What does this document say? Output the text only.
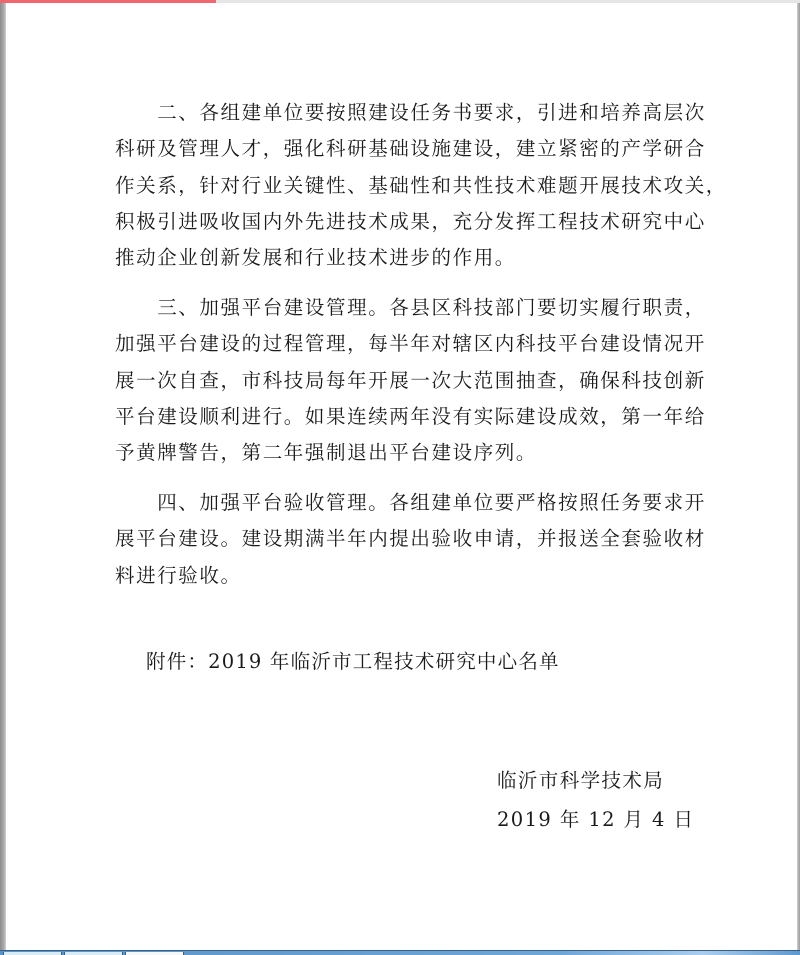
　　二、各组建单位要按照建设任务书要求，引进和培养高层次
科研及管理人才，强化科研基础设施建设，建立紧密的产学研合
作关系，针对行业关键性、基础性和共性技术难题开展技术攻关，
积极引进吸收国内外先进技术成果，充分发挥工程技术研究中心
推动企业创新发展和行业技术进步的作用。
　　三、加强平台建设管理。各县区科技部门要切实履行职责，
加强平台建设的过程管理，每半年对辖区内科技平台建设情况开
展一次自查，市科技局每年开展一次大范围抽查，确保科技创新
平台建设顺利进行。如果连续两年没有实际建设成效，第一年给
予黄牌警告，第二年强制退出平台建设序列。
　　四、加强平台验收管理。各组建单位要严格按照任务要求开
展平台建设。建设期满半年内提出验收申请，并报送全套验收材
料进行验收。
附件：2019 年临沂市工程技术研究中心名单
临沂市科学技术局
2019 年 12 月 4 日
